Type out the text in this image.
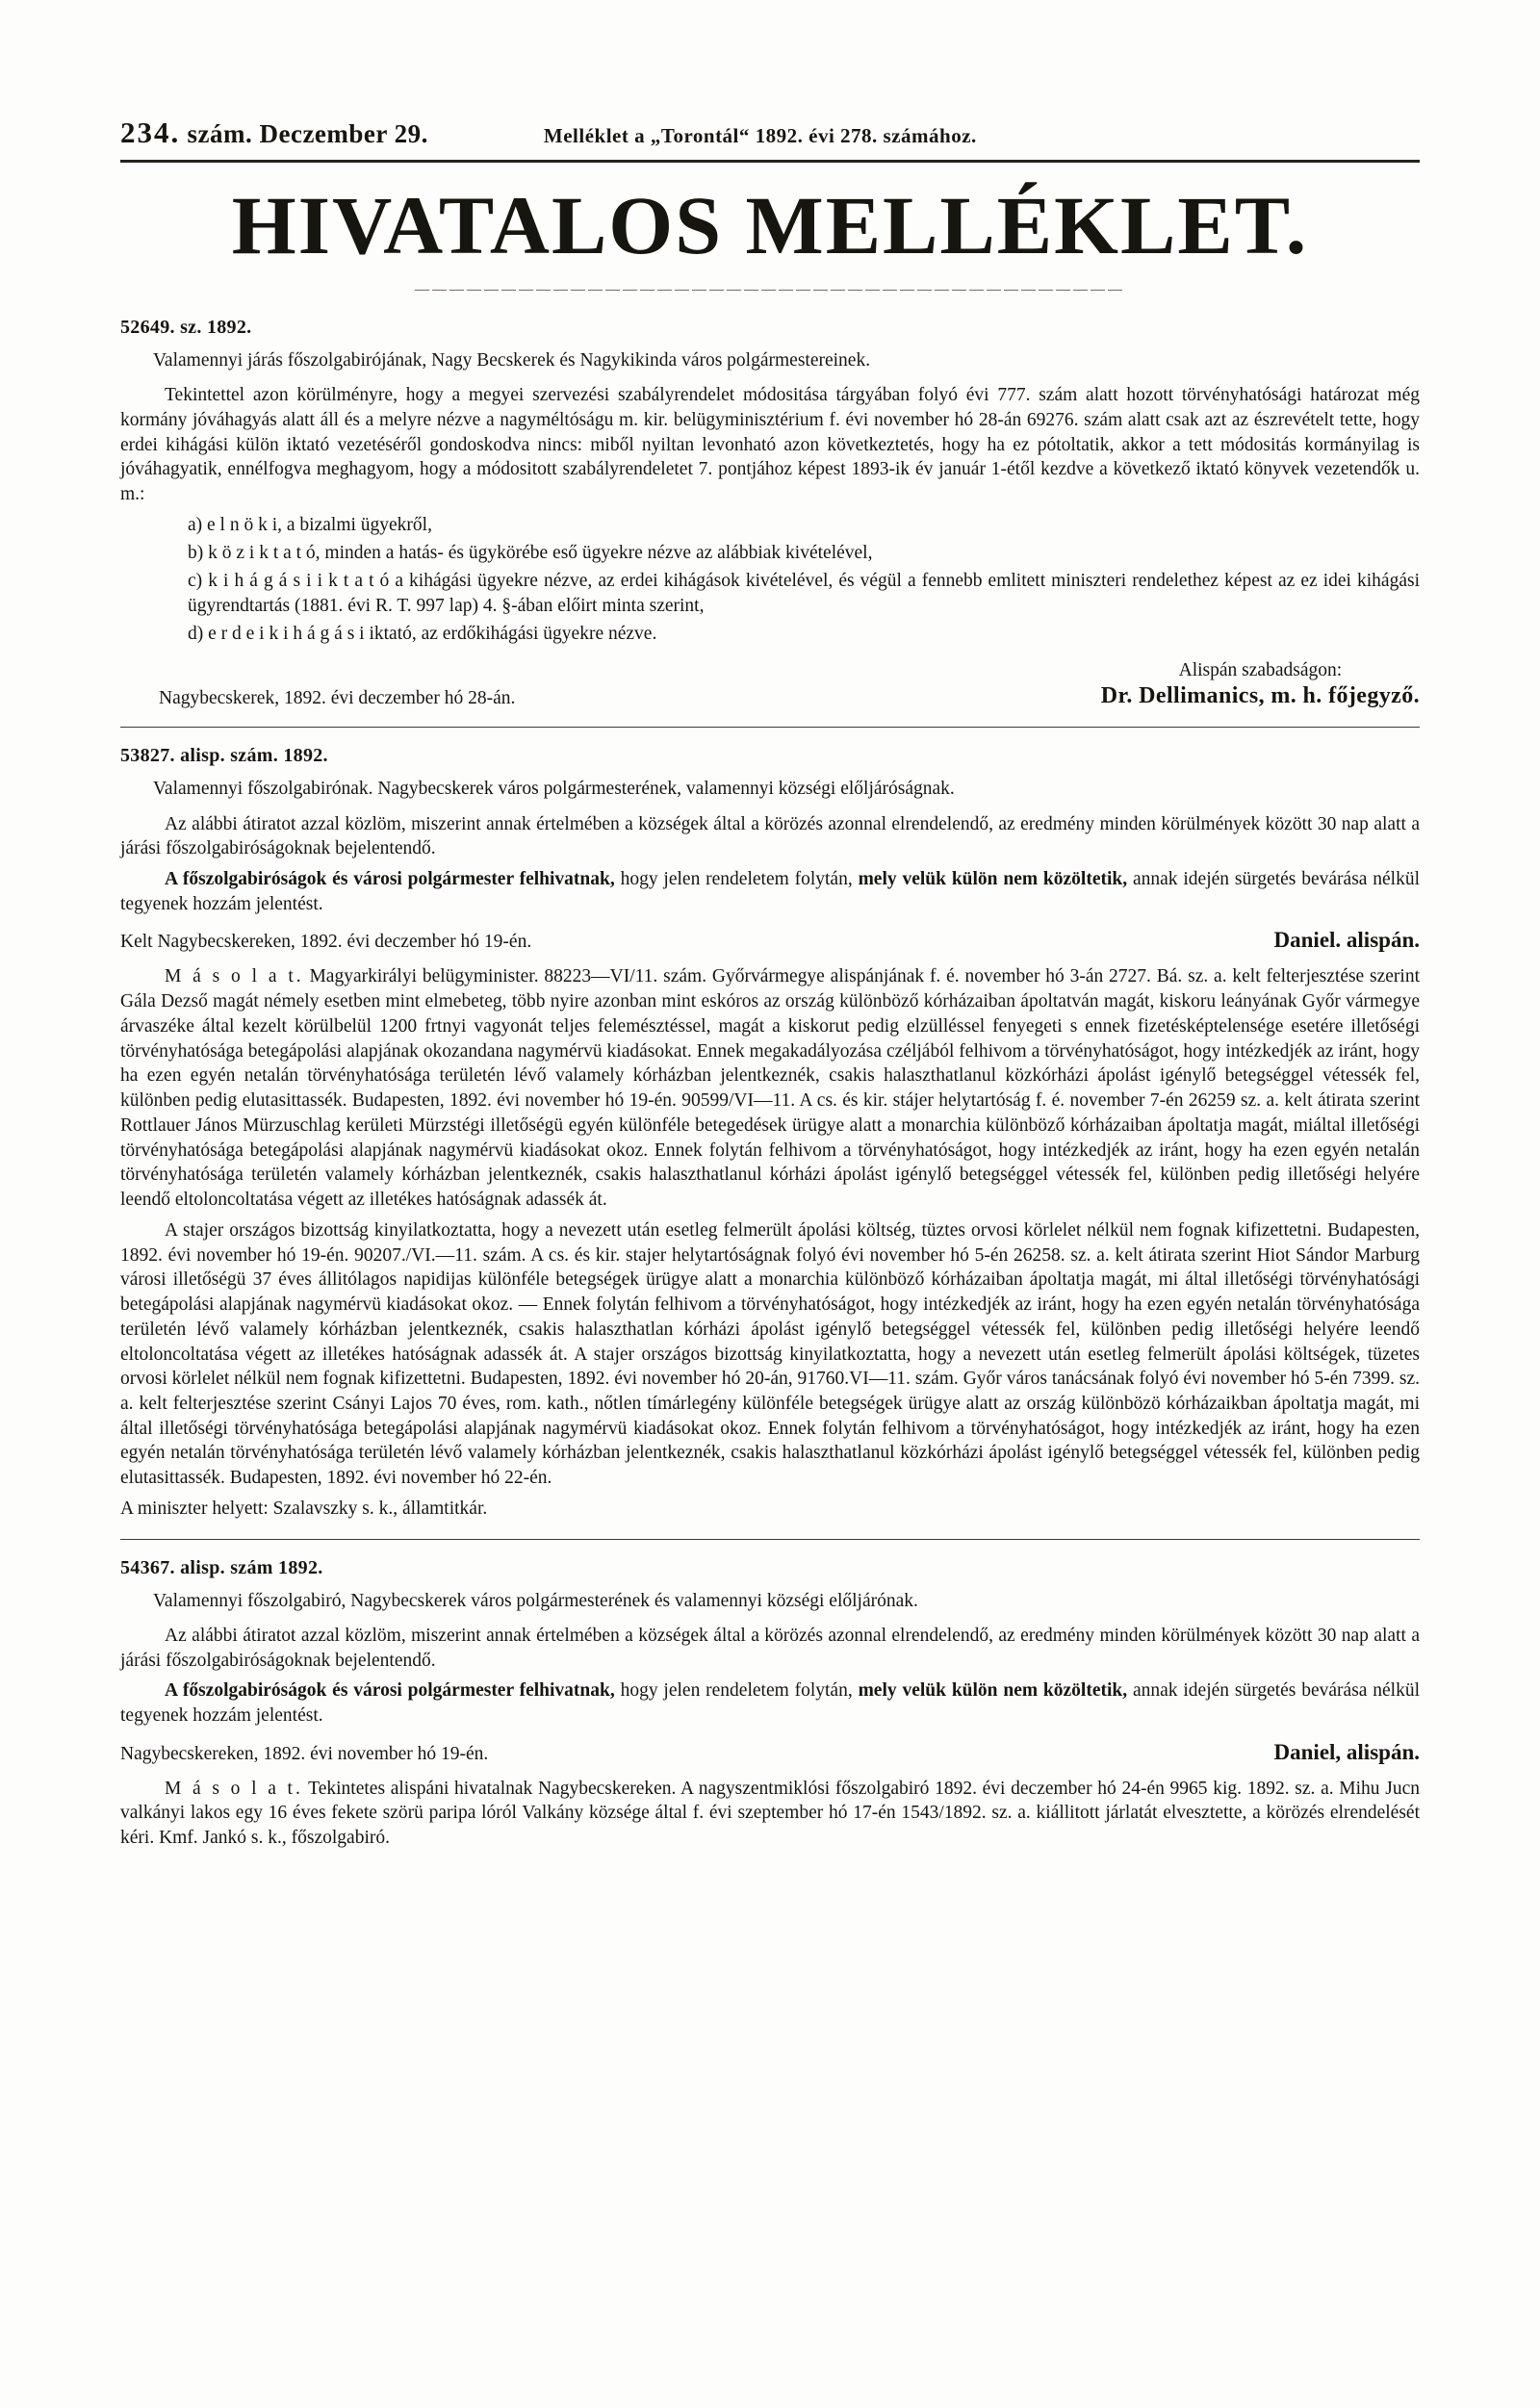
234. szám. Deczember 29.	Melléklet a „Torontál“ 1892. évi 278. számához.
HIVATALOS MELLÉKLET.
—————————————————————————————————————————
52649. sz. 1892.

Valamennyi járás főszolgabirójának, Nagy Becskerek és Nagykikinda város polgármestereinek.

Tekintettel azon körülményre, hogy a megyei szervezési szabályrendelet módositása tárgyában folyó évi 777. szám alatt hozott törvényhatósági határozat még kormány jóváhagyás alatt áll és a melyre nézve a nagyméltóságu m. kir. belügyminisztérium f. évi november hó 28-án 69276. szám alatt csak azt az észrevételt tette, hogy erdei kihágási külön iktató vezetéséről gondoskodva nincs: miből nyiltan levonható azon következtetés, hogy ha ez pótoltatik, akkor a tett módositás kormányilag is jóváhagyatik, ennélfogva meghagyom, hogy a módositott szabályrendeletet 7. pontjához képest 1893-ik év január 1-étől kezdve a következő iktató könyvek vezetendők u. m.:

a) e l n ö k i, a bizalmi ügyekről,

b) k ö z i k t a t ó, minden a hatás- és ügykörébe eső ügyekre nézve az alábbiak kivételével,

c) k i h á g á s i i k t a t ó a kihágási ügyekre nézve, az erdei kihágások kivételével, és végül a fennebb emlitett miniszteri rendelethez képest az ez idei kihágási ügyrendtartás (1881. évi R. T. 997 lap) 4. §-ában előirt minta szerint,

d) e r d e i k i h á g á s i iktató, az erdőkihágási ügyekre nézve.

Nagybecskerek, 1892. évi deczember hó 28-án.
Alispán szabadságon:
Dr. Dellimanics, m. h. főjegyző.
53827. alisp. szám. 1892.

Valamennyi főszolgabirónak. Nagybecskerek város polgármesterének, valamennyi községi előljáróságnak.

Az alábbi átiratot azzal közlöm, miszerint annak értelmében a községek által a körözés azonnal elrendelendő, az eredmény minden körülmények között 30 nap alatt a járási főszolgabiróságoknak bejelentendő.

A főszolgabiróságok és városi polgármester felhivatnak, hogy jelen rendeletem folytán, mely velük külön nem közöltetik, annak idején sürgetés bevárása nélkül tegyenek hozzám jelentést.

Kelt Nagybecskereken, 1892. évi deczember hó 19-én.	Daniel. alispán.

M á s o l a t. Magyarkirályi belügyminister. 88223—VI/11. szám. Győrvármegye alispánjának f. é. november hó 3-án 2727. Bá. sz. a. kelt felterjesztése szerint Gála Dezső magát némely esetben mint elmebeteg, több nyire azonban mint eskóros az ország különböző kórházaiban ápoltatván magát, kiskoru leányának Győr vármegye árvaszéke által kezelt körülbelül 1200 frtnyi vagyonát teljes felemésztéssel, magát a kiskorut pedig elzülléssel fenyegeti s ennek fizetésképtelensége esetére illetőségi törvényhatósága betegápolási alapjának okozandana nagymérvü kiadásokat. Ennek megakadályozása czéljából felhivom a törvényhatóságot, hogy intézkedjék az iránt, hogy ha ezen egyén netalán törvényhatósága területén lévő valamely kórházban jelentkeznék, csakis halaszthatlanul közkórházi ápolást igénylő betegséggel vétessék fel, különben pedig elutasittassék. Budapesten, 1892. évi november hó 19-én. 90599/VI—11. A cs. és kir. stájer helytartóság f. é. november 7-én 26259 sz. a. kelt átirata szerint Rottlauer János Mürzuschlag kerületi Mürzstégi illetőségü egyén különféle betegedések ürügye alatt a monarchia különböző kórházaiban ápoltatja magát, miáltal illetőségi törvényhatósága betegápolási alapjának nagymérvü kiadásokat okoz. Ennek folytán felhivom a törvényhatóságot, hogy intézkedjék az iránt, hogy ha ezen egyén netalán törvényhatósága területén valamely kórházban jelentkeznék, csakis halaszthatlanul kórházi ápolást igénylő betegséggel vétessék fel, különben pedig illetőségi helyére leendő eltoloncoltatása végett az illetékes hatóságnak adassék át.

A stajer országos bizottság kinyilatkoztatta, hogy a nevezett után esetleg felmerült ápolási költség, tüztes orvosi körlelet nélkül nem fognak kifizettetni. Budapesten, 1892. évi november hó 19-én. 90207./VI.—11. szám. A cs. és kir. stajer helytartóságnak folyó évi november hó 5-én 26258. sz. a. kelt átirata szerint Hiot Sándor Marburg városi illetőségü 37 éves állitólagos napidijas különféle betegségek ürügye alatt a monarchia különböző kórházaiban ápoltatja magát, mi által illetőségi törvényhatósági betegápolási alapjának nagymérvü kiadásokat okoz. — Ennek folytán felhivom a törvényhatóságot, hogy intézkedjék az iránt, hogy ha ezen egyén netalán törvényhatósága területén lévő valamely kórházban jelentkeznék, csakis halaszthatlan kórházi ápolást igénylő betegséggel vétessék fel, különben pedig illetőségi helyére leendő eltoloncoltatása végett az illetékes hatóságnak adassék át. A stajer országos bizottság kinyilatkoztatta, hogy a nevezett után esetleg felmerült ápolási költségek, tüzetes orvosi körlelet nélkül nem fognak kifizettetni. Budapesten, 1892. évi november hó 20-án, 91760.VI—11. szám. Győr város tanácsának folyó évi november hó 5-én 7399. sz. a. kelt felterjesztése szerint Csányi Lajos 70 éves, rom. kath., nőtlen tímárlegény különféle betegségek ürügye alatt az ország különbözö kórházaikban ápoltatja magát, mi által illetőségi törvényhatósága betegápolási alapjának nagymérvü kiadásokat okoz. Ennek folytán felhivom a törvényhatóságot, hogy intézkedjék az iránt, hogy ha ezen egyén netalán törvényhatósága területén lévő valamely kórházban jelentkeznék, csakis halaszthatlanul közkórházi ápolást igénylő betegséggel vétessék fel, különben pedig elutasittassék. Budapesten, 1892. évi november hó 22-én.

A miniszter helyett: Szalavszky s. k., államtitkár.

54367. alisp. szám 1892.

Valamennyi főszolgabiró, Nagybecskerek város polgármesterének és valamennyi községi előljárónak.

Az alábbi átiratot azzal közlöm, miszerint annak értelmében a községek által a körözés azonnal elrendelendő, az eredmény minden körülmények között 30 nap alatt a járási főszolgabiróságoknak bejelentendő.

A főszolgabiróságok és városi polgármester felhivatnak, hogy jelen rendeletem folytán, mely velük külön nem közöltetik, annak idején sürgetés bevárása nélkül tegyenek hozzám jelentést.

Nagybecskereken, 1892. évi november hó 19-én.	Daniel, alispán.

M á s o l a t. Tekintetes alispáni hivatalnak Nagybecskereken. A nagyszentmiklósi főszolgabiró 1892. évi deczember hó 24-én 9965 kig. 1892. sz. a. Mihu Jucn valkányi lakos egy 16 éves fekete szörü paripa lóról Valkány községe által f. évi szeptember hó 17-én 1543/1892. sz. a. kiállitott járlatát elvesztette, a körözés elrendelését kéri. Kmf. Jankó s. k., főszolgabiró.
